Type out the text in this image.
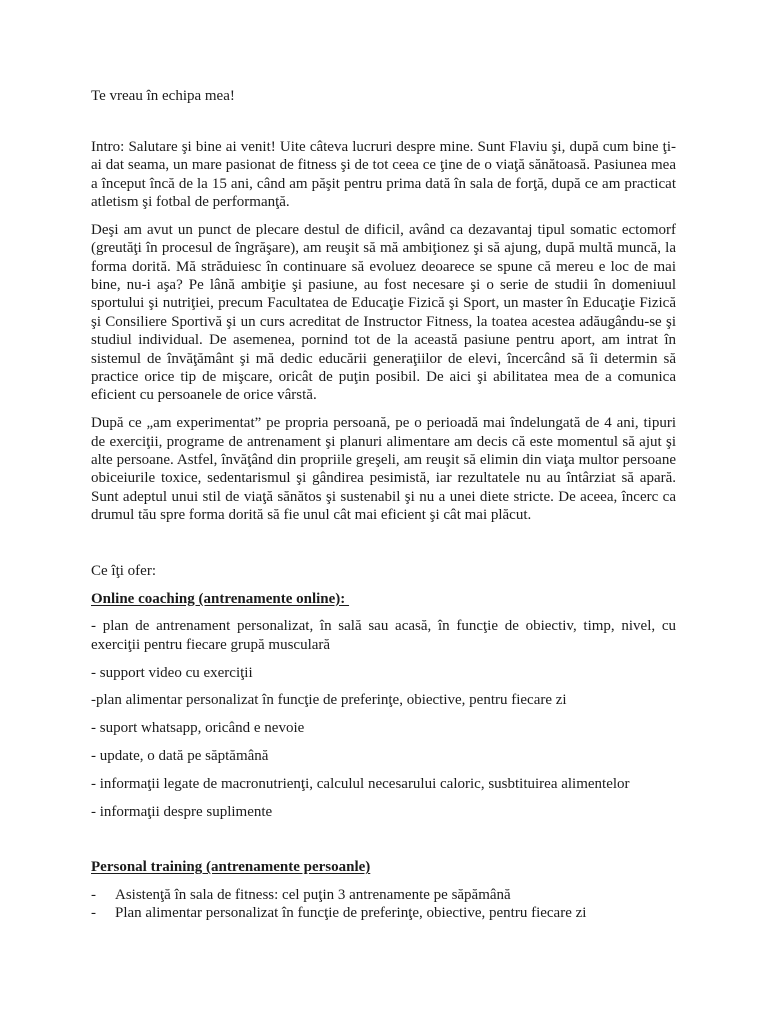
Te vreau în echipa mea!

Intro: Salutare şi bine ai venit! Uite câteva lucruri despre mine. Sunt Flaviu şi, după cum bine ţi-ai dat seama, un mare pasionat de fitness şi de tot ceea ce ţine de o viaţă sănătoasă. Pasiunea mea a început încă de la 15 ani, când am păşit pentru prima dată în sala de forţă, după ce am practicat atletism şi fotbal de performanţă.

Deşi am avut un punct de plecare destul de dificil, având ca dezavantaj tipul somatic ectomorf (greutăţi în procesul de îngrăşare), am reuşit să mă ambiţionez şi să ajung, după multă muncă, la forma dorită. Mă străduiesc în continuare să evoluez deoarece se spune că mereu e loc de mai bine, nu-i aşa? Pe lână ambiţie şi pasiune, au fost necesare şi o serie de studii în domeniuul sportului şi nutriţiei, precum Facultatea de Educaţie Fizică şi Sport, un master în Educaţie Fizică şi Consiliere Sportivă şi un curs acreditat de Instructor Fitness, la toatea acestea adăugându-se şi studiul individual. De asemenea, pornind tot de la această pasiune pentru aport, am intrat în sistemul de învăţământ şi mă dedic educării generaţiilor de elevi, încercând să îi determin să practice orice tip de mişcare, oricât de puţin posibil. De aici şi abilitatea mea de a comunica eficient cu persoanele de orice vârstă.

După ce „am experimentat” pe propria persoană, pe o perioadă mai îndelungată de 4 ani, tipuri de exerciţii, programe de antrenament şi planuri alimentare am decis că este momentul să ajut şi alte persoane. Astfel, învăţând din propriile greşeli, am reuşit să elimin din viaţa multor persoane obiceiurile toxice, sedentarismul şi gândirea pesimistă, iar rezultatele nu au întârziat să apară. Sunt adeptul unui stil de viaţă sănătos şi sustenabil şi nu a unei diete stricte. De aceea, încerc ca drumul tău spre forma dorită să fie unul cât mai eficient şi cât mai plăcut.

Ce îţi ofer:

Online coaching (antrenamente online):

- plan de antrenament personalizat, în sală sau acasă, în funcţie de obiectiv, timp, nivel, cu exerciţii pentru fiecare grupă musculară

- support video cu exerciţii

-plan alimentar personalizat în funcţie de preferinţe, obiective, pentru fiecare zi

- suport whatsapp, oricând e nevoie

- update, o dată pe săptămână

- informaţii legate de macronutrienţi, calculul necesarului caloric, susbtituirea alimentelor

- informaţii despre suplimente

Personal training (antrenamente persoanle)

- Asistenţă în sala de fitness: cel puţin 3 antrenamente pe săpămână
- Plan alimentar personalizat în funcţie de preferinţe, obiective, pentru fiecare zi
